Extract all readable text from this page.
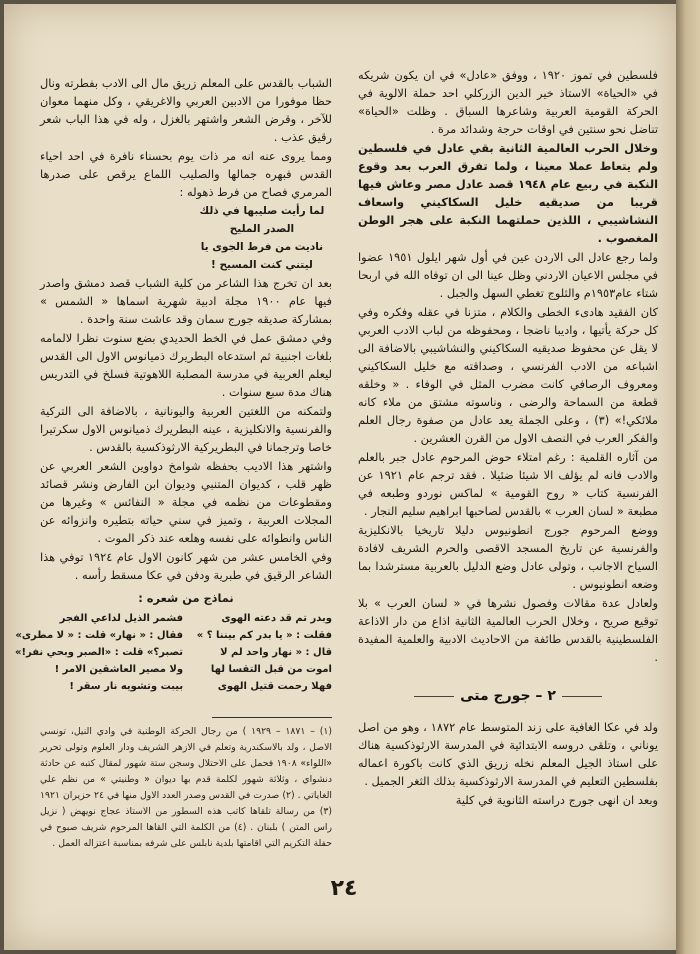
فلسطين في تموز ١٩٢٠ ، ووفق «عادل» في ان يكون شريكه في «الحياة» الاستاذ خير الدين الزركلي احد حملة الالوية في الحركة القومية العربية وشاعرها السباق . وظلت «الحياة» تناضل نحو سنتين في اوقات حرجة وشدائد مرة .

وخلال الحرب العالمية الثانية بقي عادل في فلسطين ولم يتعاط عملا معينا ، ولما تفرق العرب بعد وقوع النكبة في ربيع عام ١٩٤٨ قصد عادل مصر وعاش فيها قريبا من صديقيه خليل السكاكيني واسعاف النشاشيبي ، اللذين حملتهما النكبة على هجر الوطن المغصوب .

ولما رجع عادل الى الاردن عين في أول شهر ايلول ١٩٥١ عضوا في مجلس الاعيان الاردني وظل عينا الى ان توفاه الله في اربحا شتاء عام١٩٥٣م والثلوج تغطي السهل والجبل .

كان الفقيد هادىء الخطى والكلام ، متزنا في عقله وفكره وفي كل حركة يأتيها ، واديبا ناضجا ، ومحفوظه من لباب الادب العربي لا يقل عن محفوظ صديقيه السكاكيني والنشاشيبي بالاضافة الى اشباعه من الادب الفرنسي ، وصداقته مع خليل السكاكيني ومعروف الرصافي كانت مضرب المثل في الوفاء . « وخلقه قطعة من السماحة والرضى ، وناسوته مشتق من ملاء كانه ملائكي!» (٣) ، وعلى الجملة يعد عادل من صفوة رجال العلم والفكر العرب في النصف الاول من القرن العشرين .

من آثاره القلمية : رغم امتلاء حوض المرحوم عادل جبر بالعلم والادب فانه لم يؤلف الا شيئا ضئيلا . فقد ترجم عام ١٩٢١ عن الفرنسية كتاب « روح القومية » لماكس نوردو وطبعه في مطبعة « لسان العرب » بالقدس لصاحبها ابراهيم سليم النجار .

ووضع المرحوم جورج انطونيوس دليلا تاريخيا بالانكليزية والفرنسية عن تاريخ المسجد الاقصى والحرم الشريف لافادة السياح الاجانب ، وتولى عادل وضع الدليل بالعربية مسترشدا بما وضعه انطونيوس .

ولعادل عدة مقالات وفصول نشرها في « لسان العرب » بلا توقيع صريح ، وخلال الحرب العالمية الثانية اذاع من دار الاذاعة الفلسطينية بالقدس طائفة من الاحاديث الادبية والعلمية المفيدة .

٢ – جورج متى

ولد في عكا الغافية على زند المتوسط عام ١٨٧٢ ، وهو من اصل يوناني ، وتلقى دروسه الابتدائية في المدرسة الارثوذكسية هناك على استاذ الجيل المعلم نخله زريق الذي كانت باكورة اعماله بفلسطين التعليم في المدرسة الارثوذكسية بذلك الثغر الجميل .

وبعد ان انهى جورج دراسته الثانوية في كلية

الشباب بالقدس على المعلم زريق مال الى الادب بفطرته ونال حظا موفورا من الادبين العربي والاغريقي ، وكل منهما معوان للآخر ، وقرض الشعر واشتهر بالغزل ، وله في هذا الباب شعر رقيق عذب .

ومما يروى عنه انه مر ذات يوم بحسناء نافرة في احد احياء القدس فبهره جمالها والصليب اللماع يرقص على صدرها المرمري فصاح من فرط ذهوله :

لما رأيت صليبها في ذلك الصدر المليح
ناديت من فرط الجوى يا ليتني كنت المسيح !

بعد ان تخرج هذا الشاعر من كلية الشباب قصد دمشق واصدر فيها عام ١٩٠٠ مجلة ادبية شهرية اسماها « الشمس » بمشاركة صديقه جورج سمان وقد عاشت سنة واحدة .

وفي دمشق عمل في الخط الحديدي بضع سنوت نظرا لالمامه بلغات اجنبية ثم استدعاه البطريرك ذميانوس الاول الى القدس ليعلم العربية في مدرسة المصلبة اللاهوتية فسلخ في التدريس هناك مدة سبع سنوات .

ولتمكنه من اللغتين العربية واليونانية ، بالاضافة الى التركية والفرنسية والانكليزية ، عينه البطريرك ذميانوس الاول سكرتيرا خاصا وترجمانا في البطريركية الارثوذكسية بالقدس .

واشتهر هذا الاديب بحفظه شوامخ دواوين الشعر العربي عن ظهر قلب ، كديوان المتنبي وديوان ابن الفارض ونشر قصائد ومقطوعات من نظمه في مجلة « النفائس » وغيرها من المجلات العربية ، وتميز في سني حياته بتطيره وانزوائه عن الناس وانطوائه على نفسه وهلعه عند ذكر الموت .

وفي الخامس عشر من شهر كانون الاول عام ١٩٢٤ توفي هذا الشاعر الرقيق في طبرية ودفن في عكا مسقط رأسه .

نماذج من شعره :
وبدر تم قد دعته الهوى
فشمر الذيل لداعي الفجر
فقلت : « يا بدر كم بيننا ؟ »
فقال : « نهار» قلت : « لا مطرى»
قال : « نهار واحد لم لا
تصبر؟» قلت : «الصبر وبحي نفر!»
اموت من قبل التقسا لها
ولا مصير العاشقين الامر !
فهلا رحمت قتيل الهوى
بيبت وتشويه نار سقر !

(١) – ١٨٧١ – ١٩٢٩ ) من رجال الحركة الوطنية في وادي النيل، تونسي الاصل ، ولد بالاسكندرية وتعلم في الازهر الشريف ودار العلوم وتولى تحرير «اللواء» ١٩٠٨ فحمل على الاحتلال وسجن ستة شهور لمقال كتبه عن حادثة دنشواي ، وثلاثة شهور لكلمة قدم بها ديوان « وطنيتي » من نظم علي الغاياتي . (٢) صدرت في القدس وصدر العدد الاول منها في ٢٤ حزيران ١٩٢١ (٣) من رسالة تلقاها كاتب هذه السطور من الاستاذ عجاج نويهض ( نزيل راس المتن ) بلبنان . (٤) من الكلمة التي القاها المرحوم شريف صبوح في حفلة التكريم التي اقامتها بلدية نابلس على شرفه بمناسبة اعتزاله العمل .

٢٤
